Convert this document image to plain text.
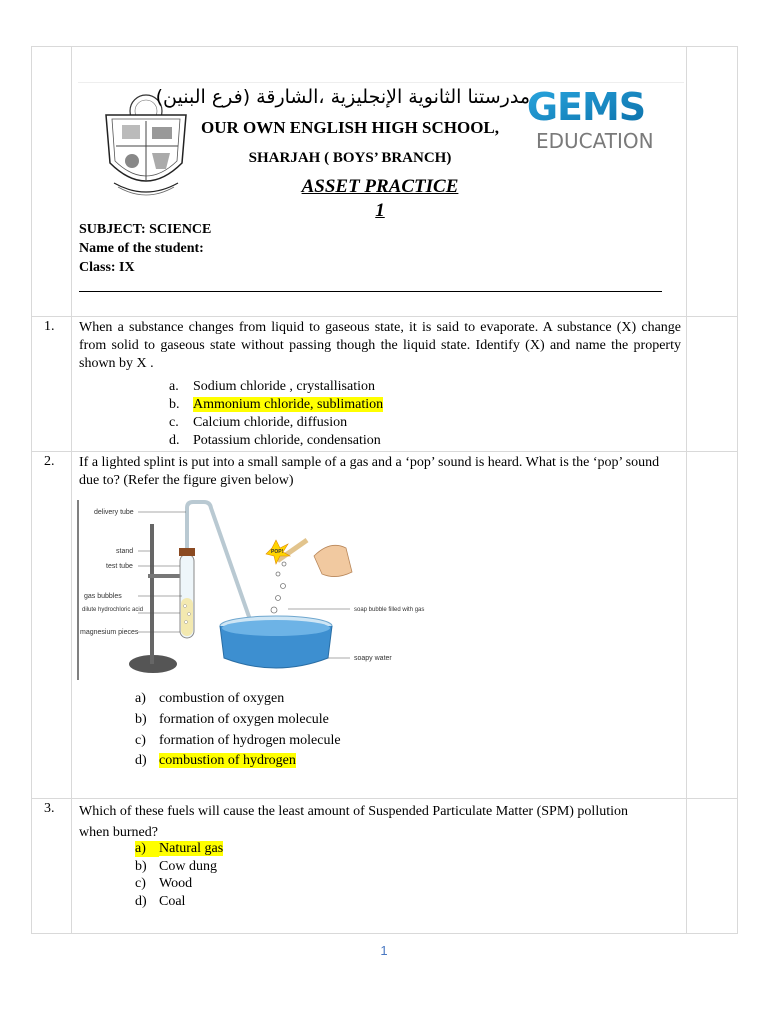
مدرستنا الثانوية الإنجليزية ،الشارقة (فرع البنين)
OUR OWN ENGLISH HIGH SCHOOL,
SHARJAH ( BOYS’ BRANCH)
GEMS
EDUCATION
ASSET PRACTICE
1
SUBJECT: SCIENCE
Name of the student:
Class: IX
1. When a substance changes from liquid to gaseous state, it is said to evaporate. A substance (X) change from solid to gaseous state without passing though the liquid state. Identify (X) and name the property shown by X .
a. Sodium chloride , crystallisation
b. Ammonium chloride, sublimation
c. Calcium chloride, diffusion
d. Potassium chloride, condensation
2. If a lighted splint is put into a small sample of a gas and a ‘pop’ sound is heard. What is the ‘pop’ sound due to? (Refer the figure given below)
POP!
delivery tube
stand
test tube
gas bubbles
dilute hydrochloric acid
magnesium pieces
soap bubble filled with gas
soapy water
a) combustion of oxygen
b) formation of oxygen molecule
c) formation of hydrogen molecule
d) combustion of hydrogen
3. Which of these fuels will cause the least amount of Suspended Particulate Matter (SPM) pollution when burned?
a) Natural gas
b) Cow dung
c) Wood
d) Coal
1
